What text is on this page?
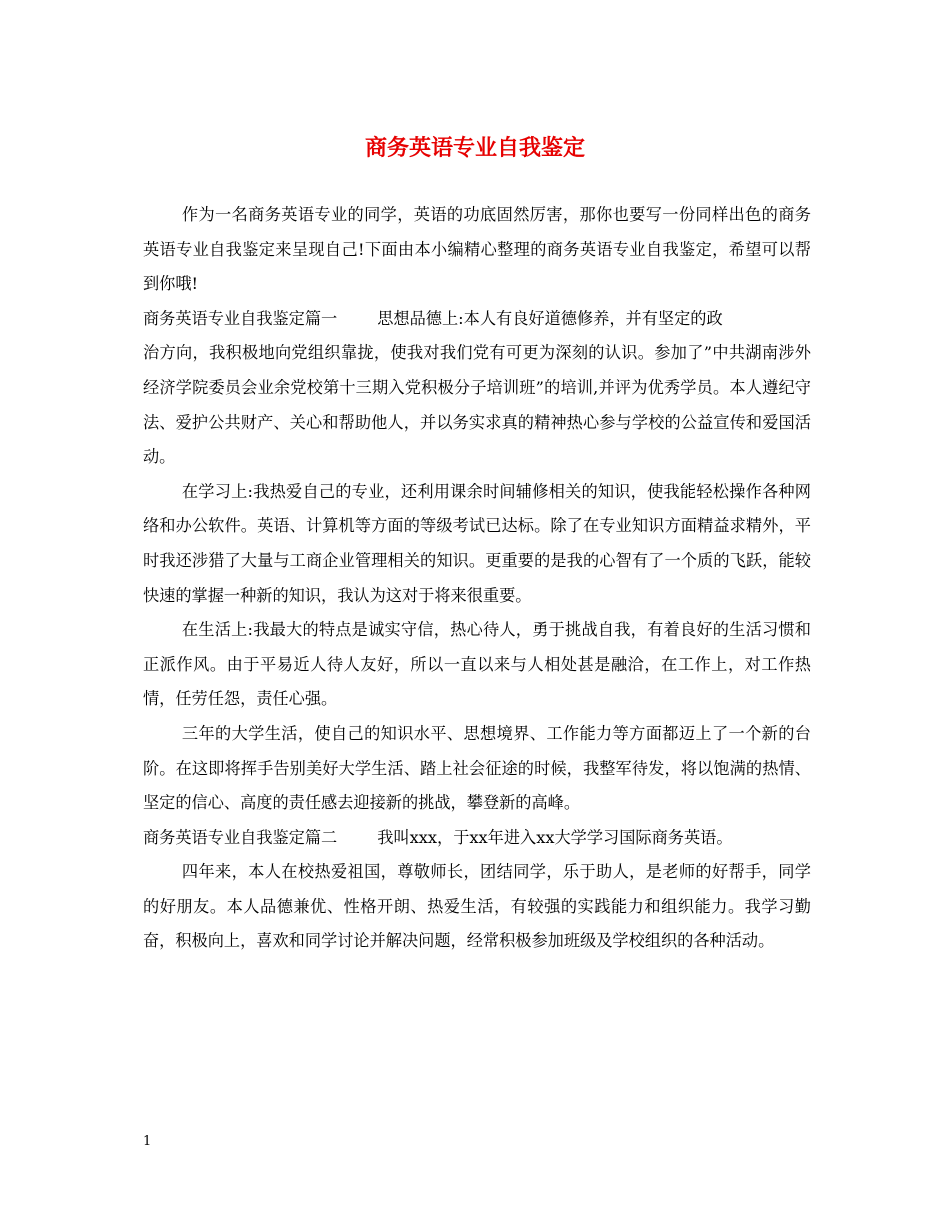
商务英语专业自我鉴定

作为一名商务英语专业的同学，英语的功底固然厉害，那你也要写一份同样出色的商务英语专业自我鉴定来呈现自己!下面由本小编精心整理的商务英语专业自我鉴定，希望可以帮到你哦!

商务英语专业自我鉴定篇一 思想品德上:本人有良好道德修养，并有坚定的政

治方向，我积极地向党组织靠拢，使我对我们党有可更为深刻的认识。参加了”中共湖南涉外经济学院委员会业余党校第十三期入党积极分子培训班”的培训,并评为优秀学员。本人遵纪守法、爱护公共财产、关心和帮助他人，并以务实求真的精神热心参与学校的公益宣传和爱国活动。

在学习上:我热爱自己的专业，还利用课余时间辅修相关的知识，使我能轻松操作各种网络和办公软件。英语、计算机等方面的等级考试已达标。除了在专业知识方面精益求精外，平时我还涉猎了大量与工商企业管理相关的知识。更重要的是我的心智有了一个质的飞跃，能较快速的掌握一种新的知识，我认为这对于将来很重要。

在生活上:我最大的特点是诚实守信，热心待人，勇于挑战自我，有着良好的生活习惯和正派作风。由于平易近人待人友好，所以一直以来与人相处甚是融洽，在工作上，对工作热情，任劳任怨，责任心强。

三年的大学生活，使自己的知识水平、思想境界、工作能力等方面都迈上了一个新的台阶。在这即将挥手告别美好大学生活、踏上社会征途的时候，我整军待发，将以饱满的热情、坚定的信心、高度的责任感去迎接新的挑战，攀登新的高峰。

商务英语专业自我鉴定篇二 我叫xxx，于xx年进入xx大学学习国际商务英语。

四年来，本人在校热爱祖国，尊敬师长，团结同学，乐于助人，是老师的好帮手，同学的好朋友。本人品德兼优、性格开朗、热爱生活，有较强的实践能力和组织能力。我学习勤奋，积极向上，喜欢和同学讨论并解决问题，经常积极参加班级及学校组织的各种活动。

1
